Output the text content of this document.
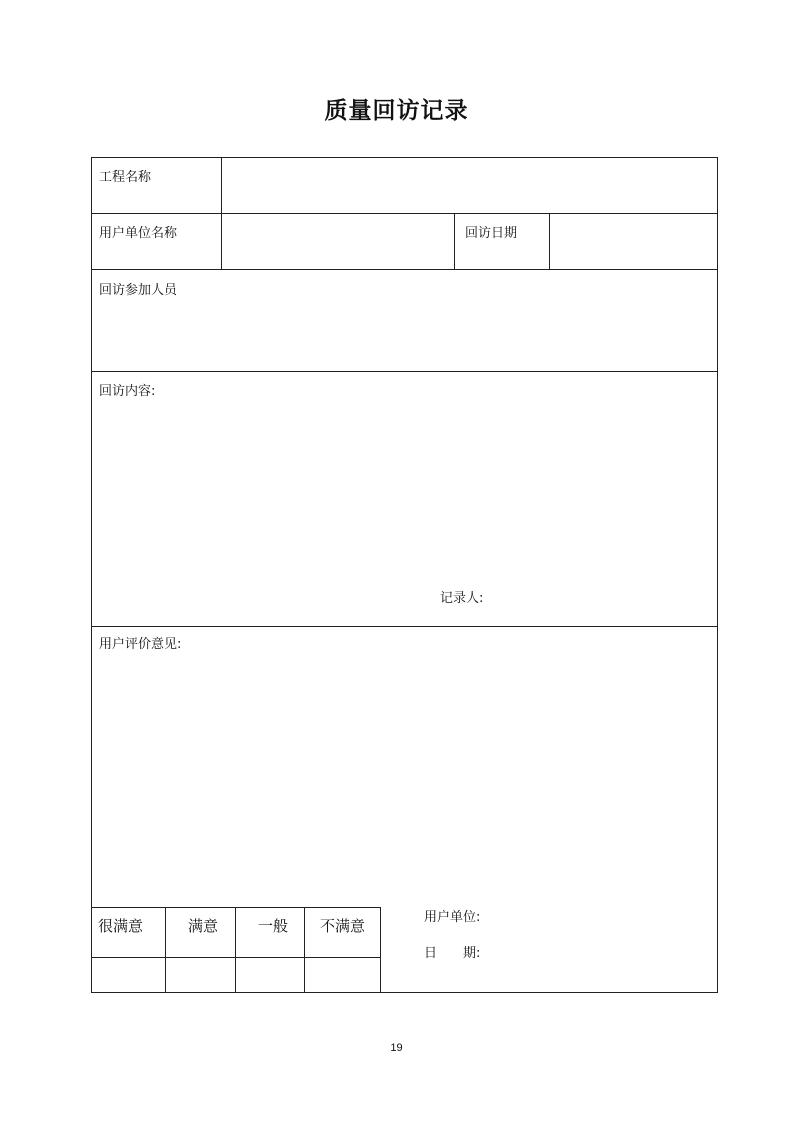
质量回访记录
工程名称
用户单位名称	回访日期
回访参加人员
回访内容:
记录人:
用户评价意见:
很满意	满意	一般 不满意	用户单位:
日　　期:
19
